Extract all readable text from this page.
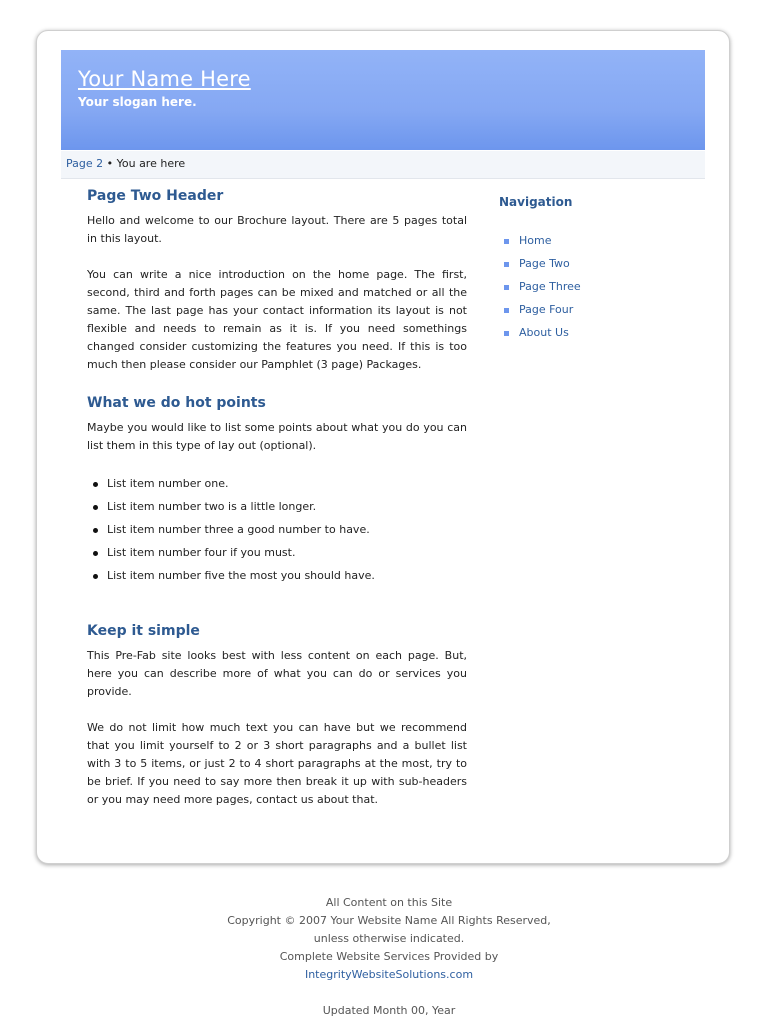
Your Name Here
Your slogan here.
Page 2 • You are here
Page Two Header

Hello and welcome to our Brochure layout. There are 5 pages total in this layout.

You can write a nice introduction on the home page. The first, second, third and forth pages can be mixed and matched or all the same. The last page has your contact information its layout is not flexible and needs to remain as it is. If you need somethings changed consider customizing the features you need. If this is too much then please consider our Pamphlet (3 page) Packages.

What we do hot points

Maybe you would like to list some points about what you do you can list them in this type of lay out (optional).

List item number one.
List item number two is a little longer.
List item number three a good number to have.
List item number four if you must.
List item number five the most you should have.
Keep it simple

This Pre-Fab site looks best with less content on each page. But, here you can describe more of what you can do or services you provide.

We do not limit how much text you can have but we recommend that you limit yourself to 2 or 3 short paragraphs and a bullet list with 3 to 5 items, or just 2 to 4 short paragraphs at the most, try to be brief. If you need to say more then break it up with sub-headers or you may need more pages, contact us about that.

Navigation
Home
Page Two
Page Three
Page Four
About Us
All Content on this Site
Copyright © 2007 Your Website Name All Rights Reserved,
unless otherwise indicated.
Complete Website Services Provided by
IntegrityWebsiteSolutions.com
Updated Month 00, Year
